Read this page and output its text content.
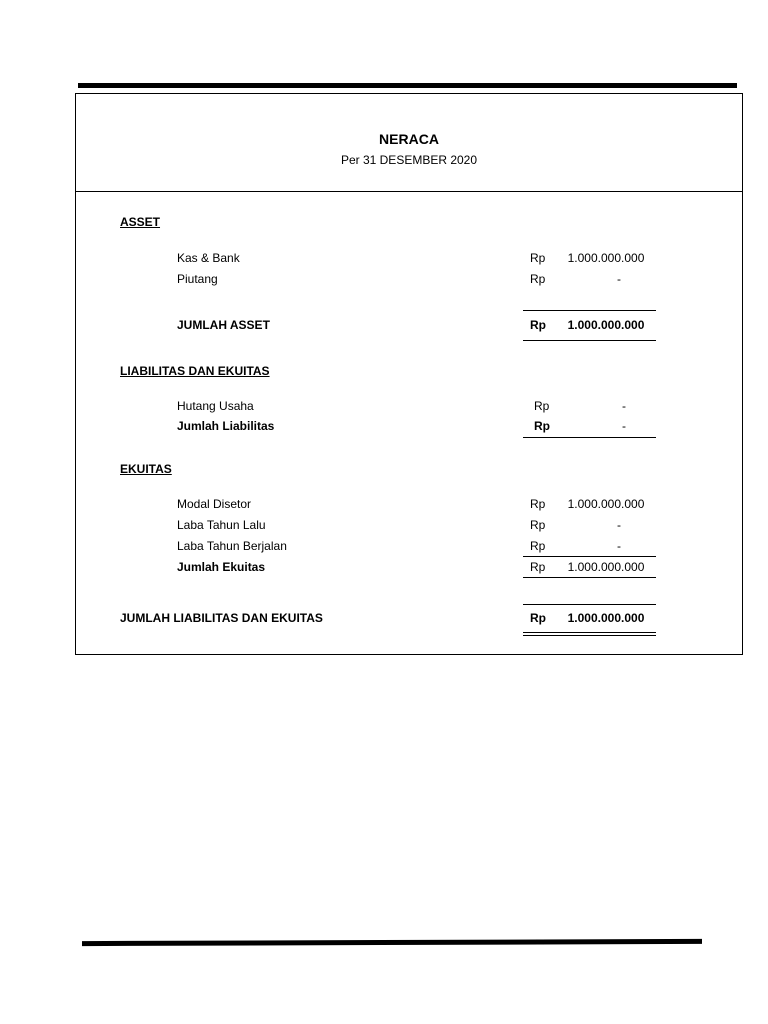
NERACA
Per 31 DESEMBER 2020
ASSET
Kas & Bank	Rp	1.000.000.000
Piutang	Rp	-
JUMLAH ASSET	Rp	1.000.000.000
LIABILITAS DAN EKUITAS
Hutang Usaha	Rp	-
Jumlah Liabilitas	Rp	-
EKUITAS
Modal Disetor	Rp	1.000.000.000
Laba Tahun Lalu	Rp	-
Laba Tahun Berjalan	Rp	-
Jumlah Ekuitas	Rp	1.000.000.000
JUMLAH LIABILITAS DAN EKUITAS	Rp	1.000.000.000
